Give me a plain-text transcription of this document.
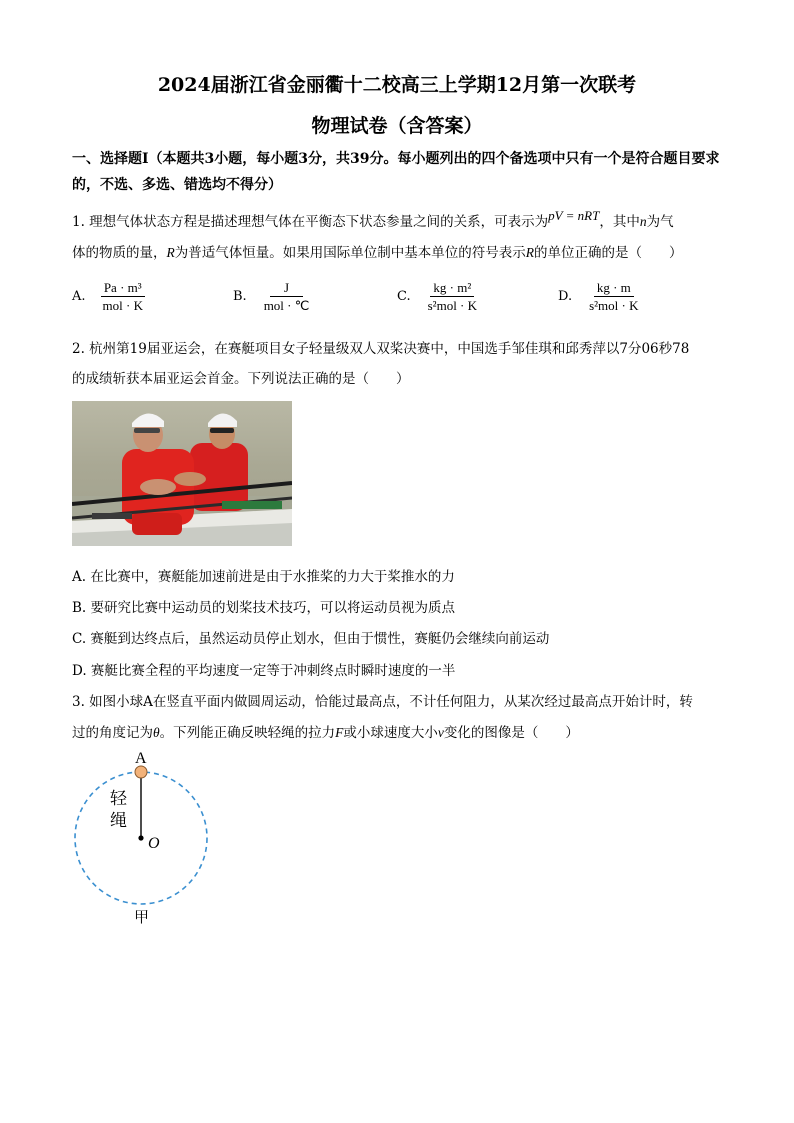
2024届浙江省金丽衢十二校高三上学期12月第一次联考
物理试卷（含答案）
一、选择题Ⅰ（本题共3小题，每小题3分，共39分。每小题列出的四个备选项中只有一个是符合题目要求的，不选、多选、错选均不得分）
1. 理想气体状态方程是描述理想气体在平衡态下状态参量之间的关系，可表示为pV = nRT，其中n为气
体的物质的量，R为普适气体恒量。如果用国际单位制中基本单位的符号表示R的单位正确的是（　　）
A. $\frac{\text{Pa · m³}}{\text{mol · K}}$	B. $\frac{J}{\text{mol · ℃}}$	C. $\frac{\text{kg · m²}}{\text{s²mol · K}}$	D. $\frac{kg \cdot m}{\text{s²mol · K}}$
2. 杭州第19届亚运会，在赛艇项目女子轻量级双人双桨决赛中，中国选手邹佳琪和邱秀萍以7分06秒78
的成绩斩获本届亚运会首金。下列说法正确的是（　　）
A. 在比赛中，赛艇能加速前进是由于水推桨的力大于桨推水的力
B. 要研究比赛中运动员的划桨技术技巧，可以将运动员视为质点
C. 赛艇到达终点后，虽然运动员停止划水，但由于惯性，赛艇仍会继续向前运动
D. 赛艇比赛全程的平均速度一定等于冲刺终点时瞬时速度的一半
3. 如图小球A在竖直平面内做圆周运动，恰能过最高点，不计任何阻力，从某次经过最高点开始计时，转
过的角度记为θ。下列能正确反映轻绳的拉力F或小球速度大小v变化的图像是（　　）
A
O
甲
轻
绳
